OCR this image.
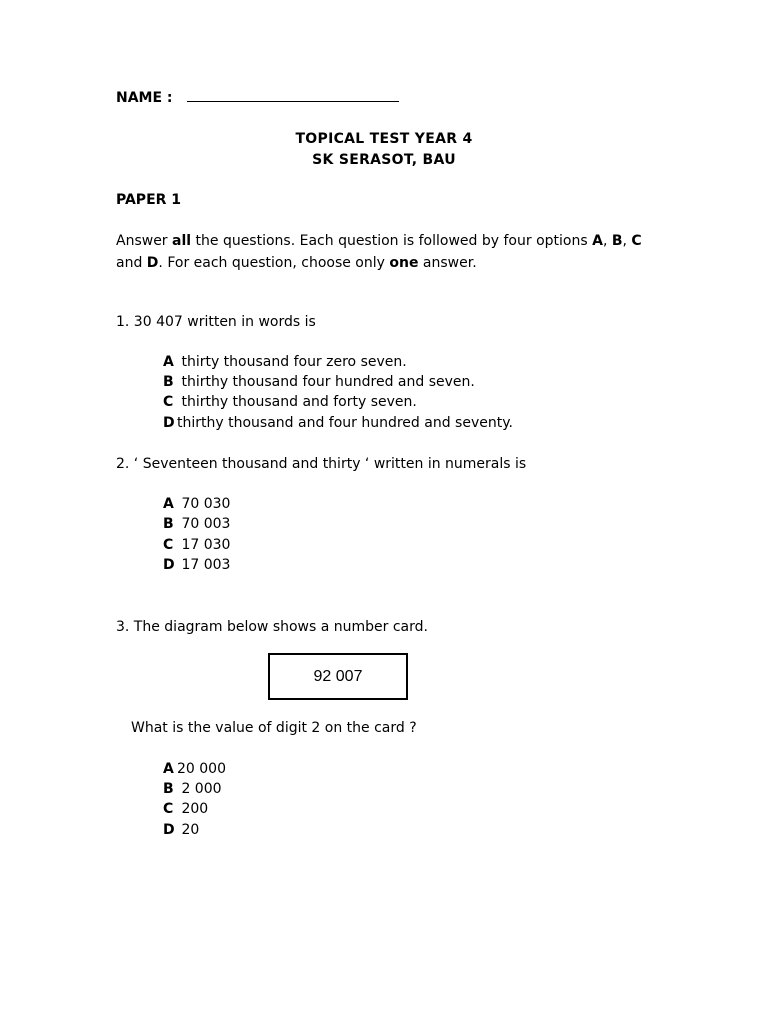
NAME :
TOPICAL TEST YEAR 4
SK SERASOT, BAU
PAPER 1
Answer all the questions. Each question is followed by four options A, B, C
and D. For each question, choose only one answer.
1. 30 407 written in words is
A thirty thousand four zero seven.
B thirthy thousand four hundred and seven.
C thirthy thousand and forty seven.
D thirthy thousand and four hundred and seventy.
2. ‘ Seventeen thousand and thirty ‘ written in numerals is
A 70 030
B 70 003
C 17 030
D 17 003
3. The diagram below shows a number card.
92 007
What is the value of digit 2 on the card ?
A 20 000
B 2 000
C 200
D 20
